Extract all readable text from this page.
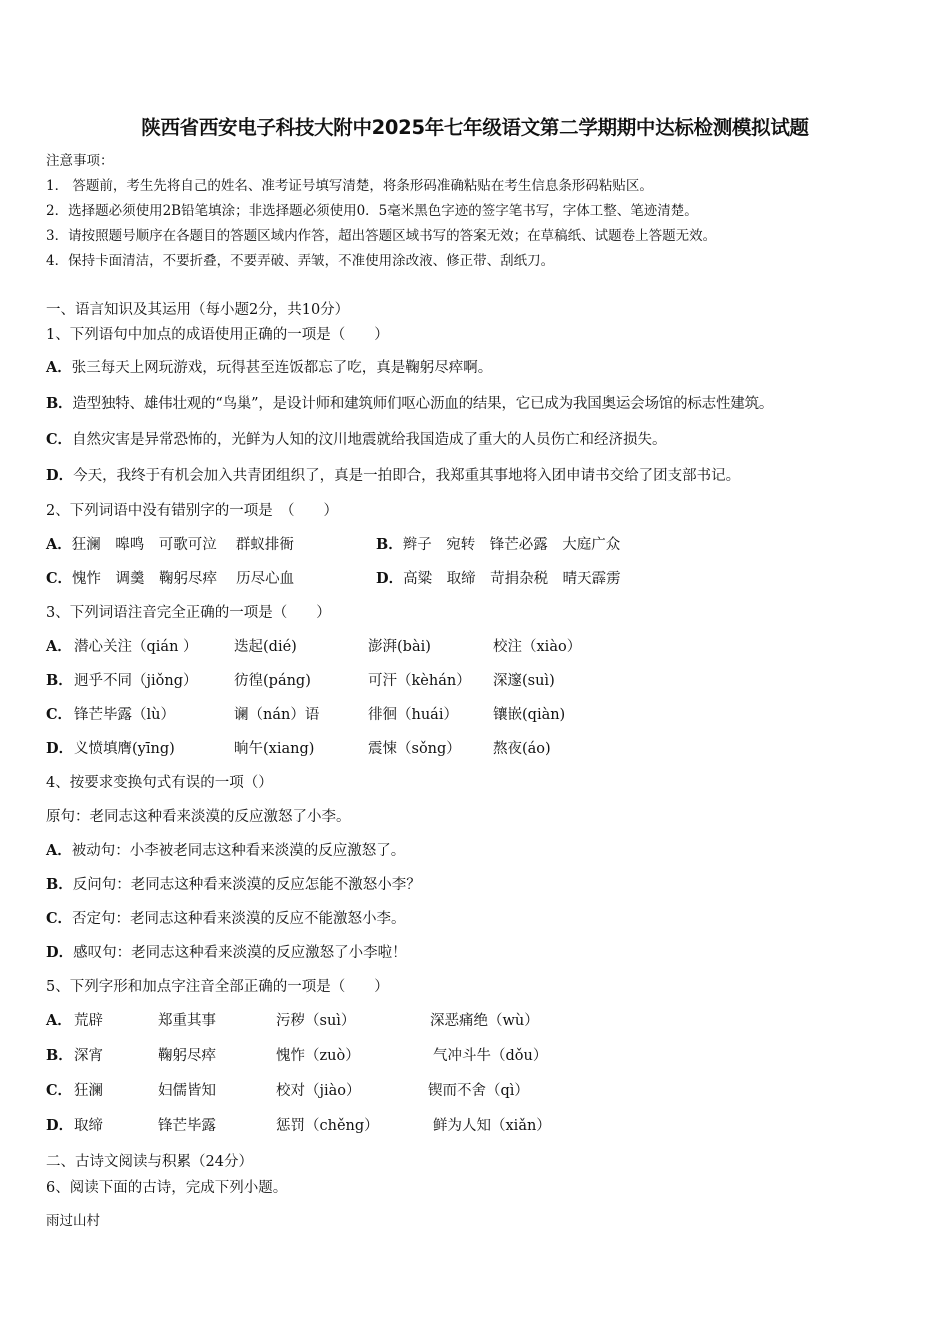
陕西省西安电子科技大附中2025年七年级语文第二学期期中达标检测模拟试题
注意事项：
1． 答题前，考生先将自己的姓名、准考证号填写清楚，将条形码准确粘贴在考生信息条形码粘贴区。
2．选择题必须使用2B铅笔填涂；非选择题必须使用0．5毫米黑色字迹的签字笔书写，字体工整、笔迹清楚。
3．请按照题号顺序在各题目的答题区域内作答，超出答题区域书写的答案无效；在草稿纸、试题卷上答题无效。
4．保持卡面清洁，不要折叠，不要弄破、弄皱，不准使用涂改液、修正带、刮纸刀。
一、语言知识及其运用（每小题2分，共10分）
1、下列语句中加点的成语使用正确的一项是（　　）
A．张三每天上网玩游戏，玩得甚至连饭都忘了吃，真是鞠躬尽瘁啊。
B．造型独特、雄伟壮观的“鸟巢”，是设计师和建筑师们呕心沥血的结果，它已成为我国奥运会场馆的标志性建筑。
C．自然灾害是异常恐怖的，光鲜为人知的汶川地震就给我国造成了重大的人员伤亡和经济损失。
D．今天，我终于有机会加入共青团组织了，真是一拍即合，我郑重其事地将入团申请书交给了团支部书记。
2、下列词语中没有错别字的一项是　（　　）
A．狂澜　嗥鸣　可歌可泣　 群蚁排衙	B．辫子　宛转　锋芒必露　大庭广众
C．愧怍　调羹　鞠躬尽瘁　 历尽心血	D．高粱　取缔　苛捐杂税　晴天霹雳
3、下列词语注音完全正确的一项是（　　）
A． 潜心关注（qián ）	迭起(dié)	澎湃(bài)	校注（xiào）
B． 迥乎不同（jiǒng）	彷徨(páng)	可汗（kèhán） 深邃(suì)
C． 锋芒毕露（lù）	谰（nán）语	徘徊（huái） 镶嵌(qiàn)
D． 义愤填膺(yīng)	晌午(xiang)	震悚（sǒng） 熬夜(áo)
4、按要求变换句式有误的一项（）
原句：老同志这种看来淡漠的反应激怒了小李。
A．被动句：小李被老同志这种看来淡漠的反应激怒了。
B．反问句：老同志这种看来淡漠的反应怎能不激怒小李？
C．否定句：老同志这种看来淡漠的反应不能激怒小李。
D．感叹句：老同志这种看来淡漠的反应激怒了小李啦！
5、下列字形和加点字注音全部正确的一项是（　　）
A． 荒辟	郑重其事	污秽（suì）	深恶痛绝（wù）
B． 深宵	鞠躬尽瘁	愧怍（zuò）	气冲斗牛（dǒu）
C． 狂澜	妇儒皆知	校对（jiào）	锲而不舍（qì）
D． 取缔	锋芒毕露	惩罚（chěng）	鲜为人知（xiǎn）
二、古诗文阅读与积累（24分）
6、阅读下面的古诗，完成下列小题。
雨过山村
